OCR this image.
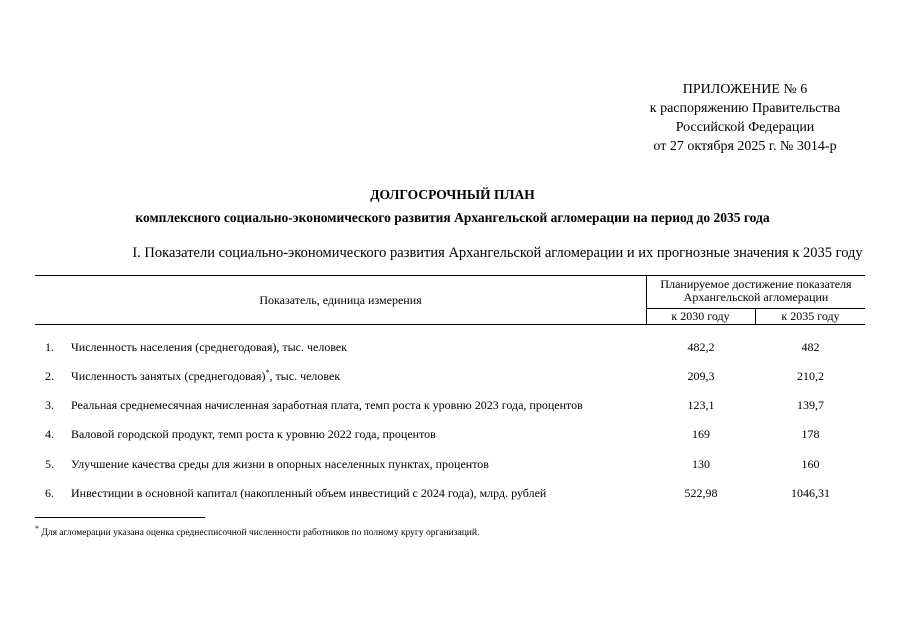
ПРИЛОЖЕНИЕ № 6
к распоряжению Правительства
Российской Федерации
от 27 октября 2025 г. № 3014-р
ДОЛГОСРОЧНЫЙ ПЛАН
комплексного социально-экономического развития Архангельской агломерации на период до 2035 года
I. Показатели социально-экономического развития Архангельской агломерации и их прогнозные значения к 2035 году
Показатель, единица измерения
Планируемое достижение показателя
Архангельской агломерации
к 2030 году	к 2035 году
1. Численность населения (среднегодовая), тыс. человек	482,2	482
2. Численность занятых (среднегодовая)*, тыс. человек	209,3	210,2
3. Реальная среднемесячная начисленная заработная плата, темп роста к уровню 2023 года, процентов	123,1	139,7
4. Валовой городской продукт, темп роста к уровню 2022 года, процентов	169	178
5. Улучшение качества среды для жизни в опорных населенных пунктах, процентов	130	160
6. Инвестиции в основной капитал (накопленный объем инвестиций с 2024 года), млрд. рублей	522,98	1046,31
* Для агломерации указана оценка среднесписочной численности работников по полному кругу организаций.
